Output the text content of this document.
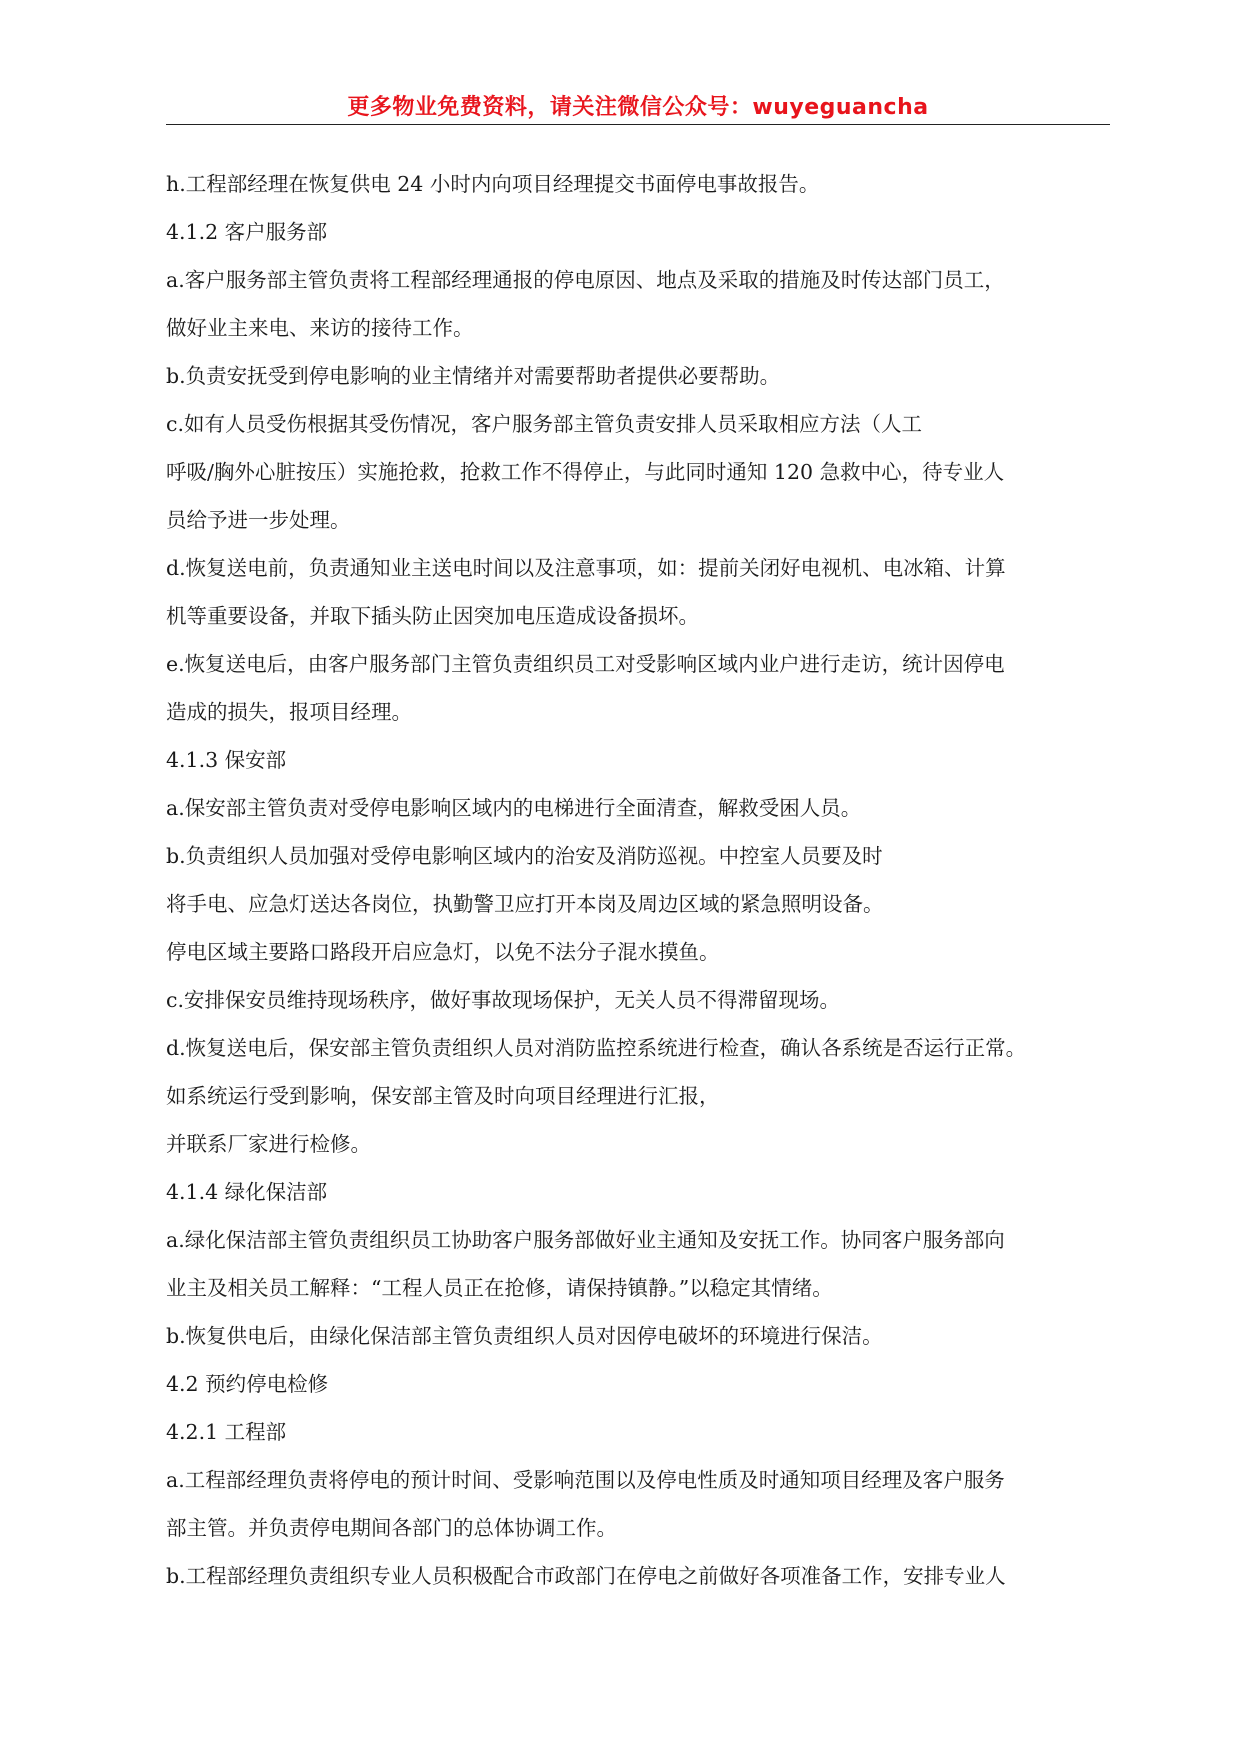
更多物业免费资料，请关注微信公众号：wuyeguancha
h.工程部经理在恢复供电 24 小时内向项目经理提交书面停电事故报告。
4.1.2 客户服务部
a.客户服务部主管负责将工程部经理通报的停电原因、地点及采取的措施及时传达部门员工，
做好业主来电、来访的接待工作。
b.负责安抚受到停电影响的业主情绪并对需要帮助者提供必要帮助。
c.如有人员受伤根据其受伤情况，客户服务部主管负责安排人员采取相应方法（人工
呼吸/胸外心脏按压）实施抢救，抢救工作不得停止，与此同时通知 120 急救中心，待专业人
员给予进一步处理。
d.恢复送电前，负责通知业主送电时间以及注意事项，如：提前关闭好电视机、电冰箱、计算
机等重要设备，并取下插头防止因突加电压造成设备损坏。
e.恢复送电后，由客户服务部门主管负责组织员工对受影响区域内业户进行走访，统计因停电
造成的损失，报项目经理。
4.1.3 保安部
a.保安部主管负责对受停电影响区域内的电梯进行全面清查，解救受困人员。
b.负责组织人员加强对受停电影响区域内的治安及消防巡视。中控室人员要及时
将手电、应急灯送达各岗位，执勤警卫应打开本岗及周边区域的紧急照明设备。
停电区域主要路口路段开启应急灯，以免不法分子混水摸鱼。
c.安排保安员维持现场秩序，做好事故现场保护，无关人员不得滞留现场。
d.恢复送电后，保安部主管负责组织人员对消防监控系统进行检查，确认各系统是否运行正常。
如系统运行受到影响，保安部主管及时向项目经理进行汇报，
并联系厂家进行检修。
4.1.4 绿化保洁部
a.绿化保洁部主管负责组织员工协助客户服务部做好业主通知及安抚工作。协同客户服务部向
业主及相关员工解释：“工程人员正在抢修，请保持镇静。”以稳定其情绪。
b.恢复供电后，由绿化保洁部主管负责组织人员对因停电破坏的环境进行保洁。
4.2 预约停电检修
4.2.1 工程部
a.工程部经理负责将停电的预计时间、受影响范围以及停电性质及时通知项目经理及客户服务
部主管。并负责停电期间各部门的总体协调工作。
b.工程部经理负责组织专业人员积极配合市政部门在停电之前做好各项准备工作，安排专业人
